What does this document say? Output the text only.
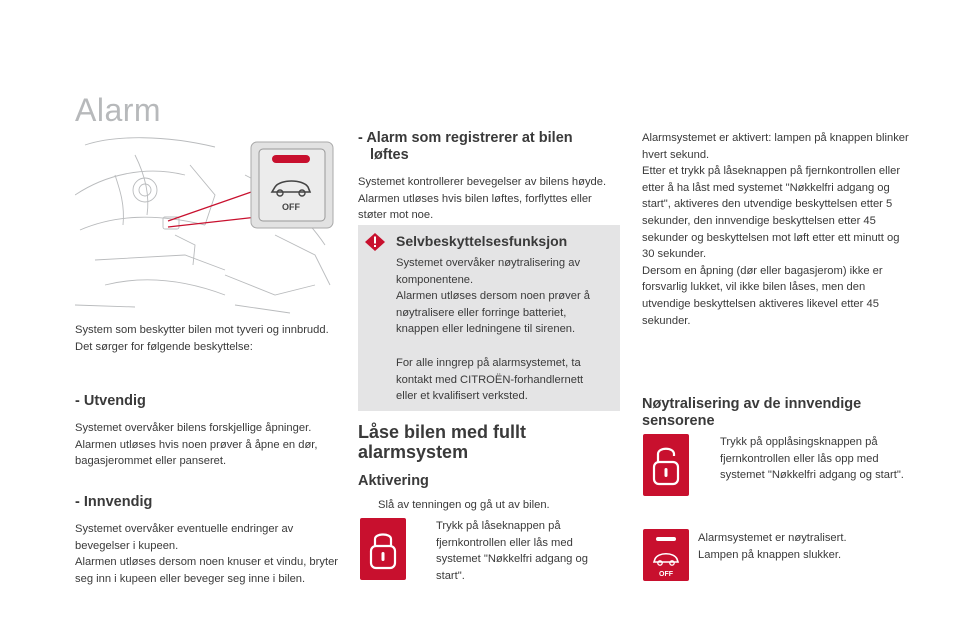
Alarm
OFF

System som beskytter bilen mot tyveri og innbrudd. Det sørger for følgende beskyttelse:

- Utvendig

Systemet overvåker bilens forskjellige åpninger. Alarmen utløses hvis noen prøver å åpne en dør, bagasjerommet eller panseret.

- Innvendig

Systemet overvåker eventuelle endringer av bevegelser i kupeen.

Alarmen utløses dersom noen knuser et vindu, bryter seg inn i kupeen eller beveger seg inne i bilen.

- Alarm som registrerer at bilen
løftes

Systemet kontrollerer bevegelser av bilens høyde. Alarmen utløses hvis bilen løftes, forflyttes eller støter mot noe.

Selvbeskyttelsesfunksjon

Systemet overvåker nøytralisering av komponentene.

Alarmen utløses dersom noen prøver å nøytralisere eller forringe batteriet, knappen eller ledningene til sirenen.

For alle inngrep på alarmsystemet, ta kontakt med CITROËN-forhandlernett eller et kvalifisert verksted.

Låse bilen med fullt
alarmsystem
Aktivering
Slå av tenningen og gå ut av bilen.
Trykk på låseknappen på fjernkontrollen eller lås med systemet "Nøkkelfri adgang og start".

Alarmsystemet er aktivert: lampen på knappen blinker hvert sekund.

Etter et trykk på låseknappen på fjernkontrollen eller etter å ha låst med systemet "Nøkkelfri adgang og start", aktiveres den utvendige beskyttelsen etter 5 sekunder, den innvendige beskyttelsen etter 45 sekunder og beskyttelsen mot løft etter ett minutt og 30 sekunder.

Dersom en åpning (dør eller bagasjerom) ikke er forsvarlig lukket, vil ikke bilen låses, men den utvendige beskyttelsen aktiveres likevel etter 45 sekunder.

Nøytralisering av de innvendige
sensorene
Trykk på opplåsingsknappen på fjernkontrollen eller lås opp med systemet "Nøkkelfri adgang og start".
OFF

Alarmsystemet er nøytralisert.

Lampen på knappen slukker.
